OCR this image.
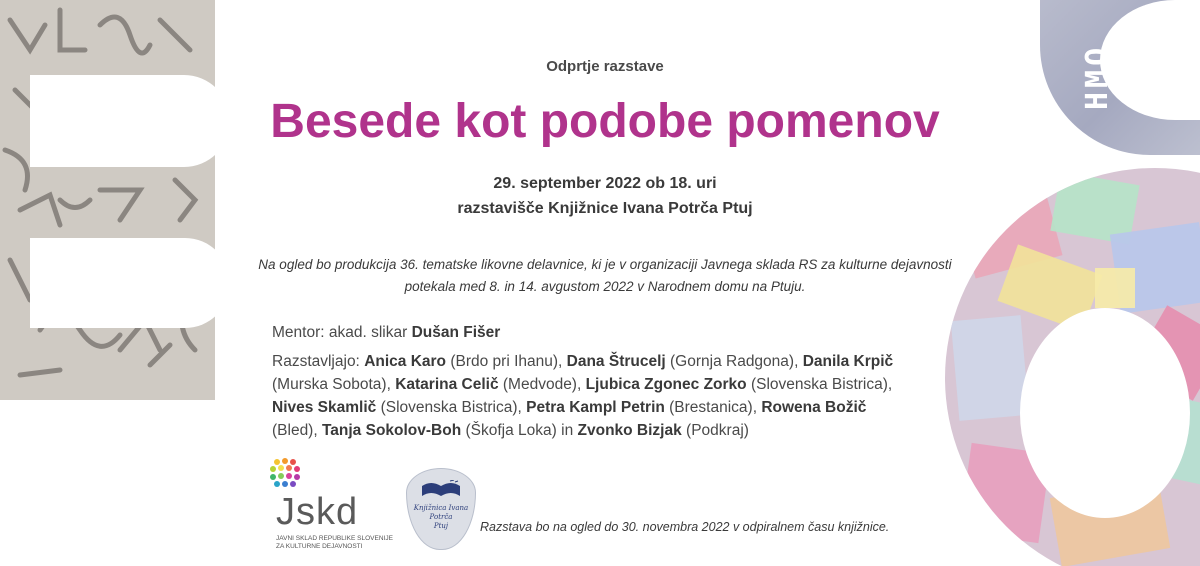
HMO
Odprtje razstave
Besede kot podobe pomenov
29. september 2022 ob 18. uri
razstavišče Knjižnice Ivana Potrča Ptuj
Na ogled bo produkcija 36. tematske likovne delavnice, ki je v organizaciji Javnega sklada RS za kulturne dejavnosti
potekala med 8. in 14. avgustom 2022 v Narodnem domu na Ptuju.
Mentor: akad. slikar Dušan Fišer
Razstavljajo: Anica Karo (Brdo pri Ihanu), Dana Štrucelj (Gornja Radgona), Danila Krpič
(Murska Sobota), Katarina Celič (Medvode), Ljubica Zgonec Zorko (Slovenska Bistrica),
Nives Skamlič (Slovenska Bistrica), Petra Kampl Petrin (Brestanica), Rowena Božič
(Bled), Tanja Sokolov-Boh (Škofja Loka) in Zvonko Bizjak (Podkraj)
Jskd
JAVNI SKLAD REPUBLIKE SLOVENIJE
ZA KULTURNE DEJAVNOSTI
Knjižnica Ivana Potrča
Ptuj	Razstava bo na ogled do 30. novembra 2022 v odpiralnem času knjižnice.
